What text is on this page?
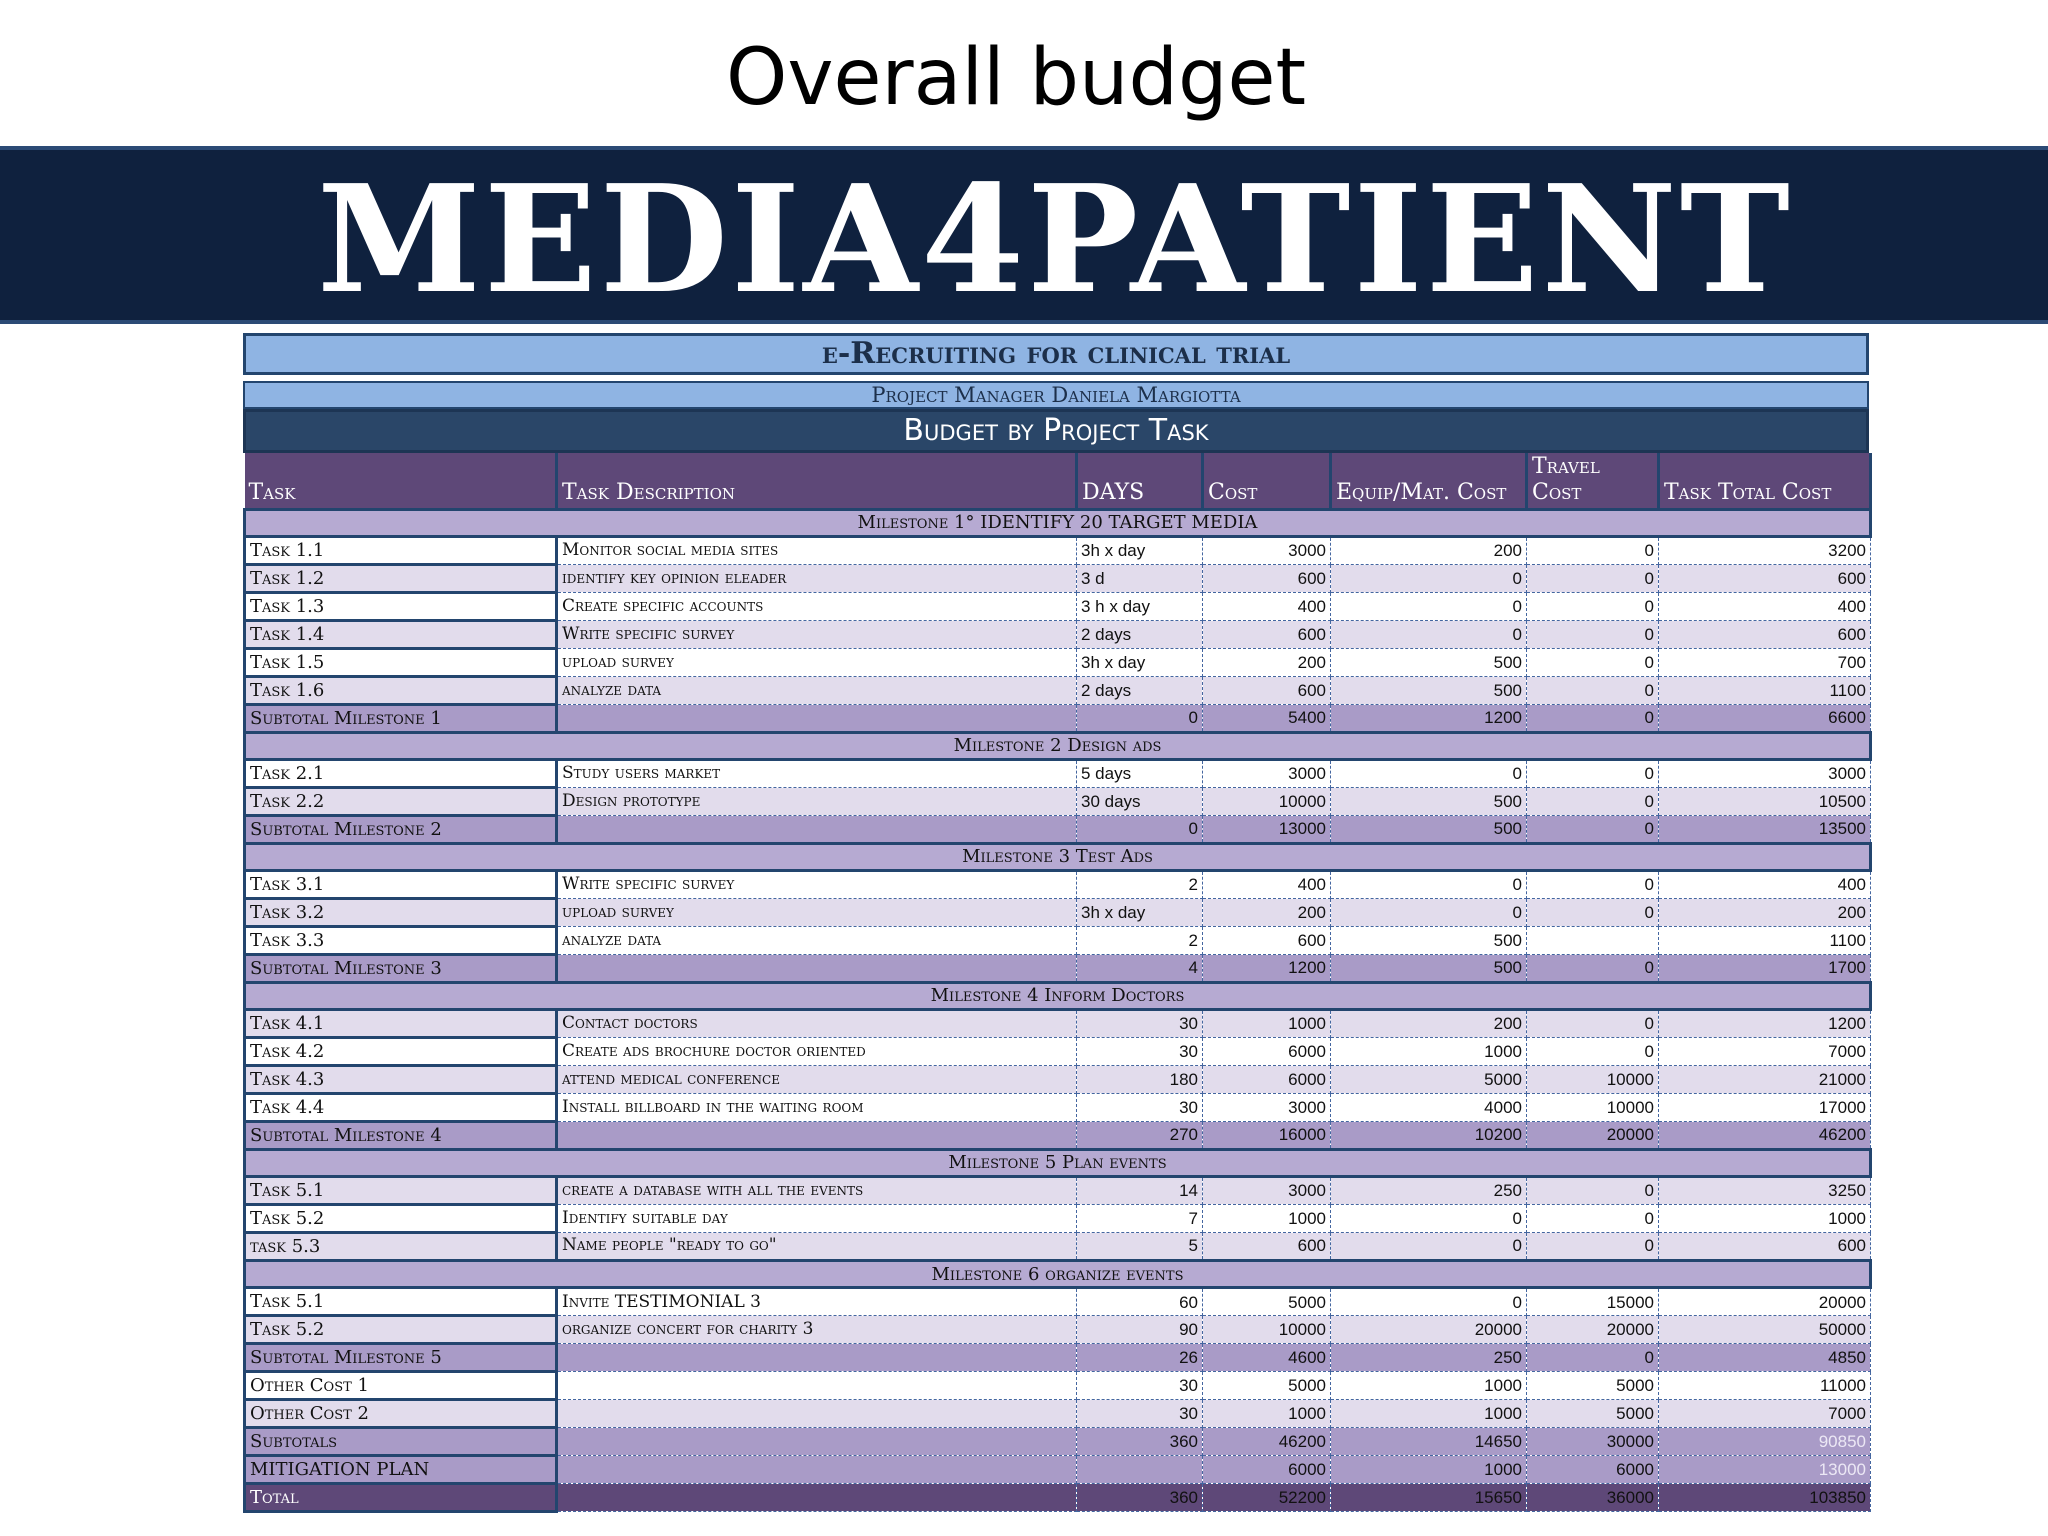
Overall budget
MEDIA4PATIENT
e-Recruiting for clinical trial
Project Manager Daniela Margiotta
Budget by Project Task
Task	Task Description	DAYS	Cost	Equip/Mat. Cost	Travel Cost	Task Total Cost
Milestone 1° IDENTIFY 20 TARGET MEDIA						
Task 1.1	Monitor social media sites	3h x day	3000	200	0	3200
Task 1.2	identify key opinion eleader	3 d	600	0	0	600
Task 1.3	Create specific accounts	3 h x day	400	0	0	400
Task 1.4	Write specific survey	2 days	600	0	0	600
Task 1.5	upload survey	3h x day	200	500	0	700
Task 1.6	analyze data	2 days	600	500	0	1100
Subtotal Milestone 1		0	5400	1200	0	6600
Milestone 2 Design ads						
Task 2.1	Study users market	5 days	3000	0	0	3000
Task 2.2	Design prototype	30 days	10000	500	0	10500
Subtotal Milestone 2		0	13000	500	0	13500
Milestone 3 Test Ads						
Task 3.1	Write specific survey	2	400	0	0	400
Task 3.2	upload survey	3h x day	200	0	0	200
Task 3.3	analyze data	2	600	500		1100
Subtotal Milestone 3		4	1200	500	0	1700
Milestone 4 Inform Doctors						
Task 4.1	Contact doctors	30	1000	200	0	1200
Task 4.2	Create ads brochure doctor oriented	30	6000	1000	0	7000
Task 4.3	attend medical conference	180	6000	5000	10000	21000
Task 4.4	Install billboard in the waiting room	30	3000	4000	10000	17000
Subtotal Milestone 4		270	16000	10200	20000	46200
Milestone 5 Plan events						
Task 5.1	create a database with all the events	14	3000	250	0	3250
Task 5.2	Identify suitable day	7	1000	0	0	1000
task 5.3	Name people "ready to go"	5	600	0	0	600
Milestone 6 organize events						
Task 5.1	Invite TESTIMONIAL 3	60	5000	0	15000	20000
Task 5.2	organize concert for charity 3	90	10000	20000	20000	50000
Subtotal Milestone 5		26	4600	250	0	4850
Other Cost 1		30	5000	1000	5000	11000
Other Cost 2		30	1000	1000	5000	7000
Subtotals		360	46200	14650	30000	90850
MITIGATION PLAN			6000	1000	6000	13000
Total		360	52200	15650	36000	103850
